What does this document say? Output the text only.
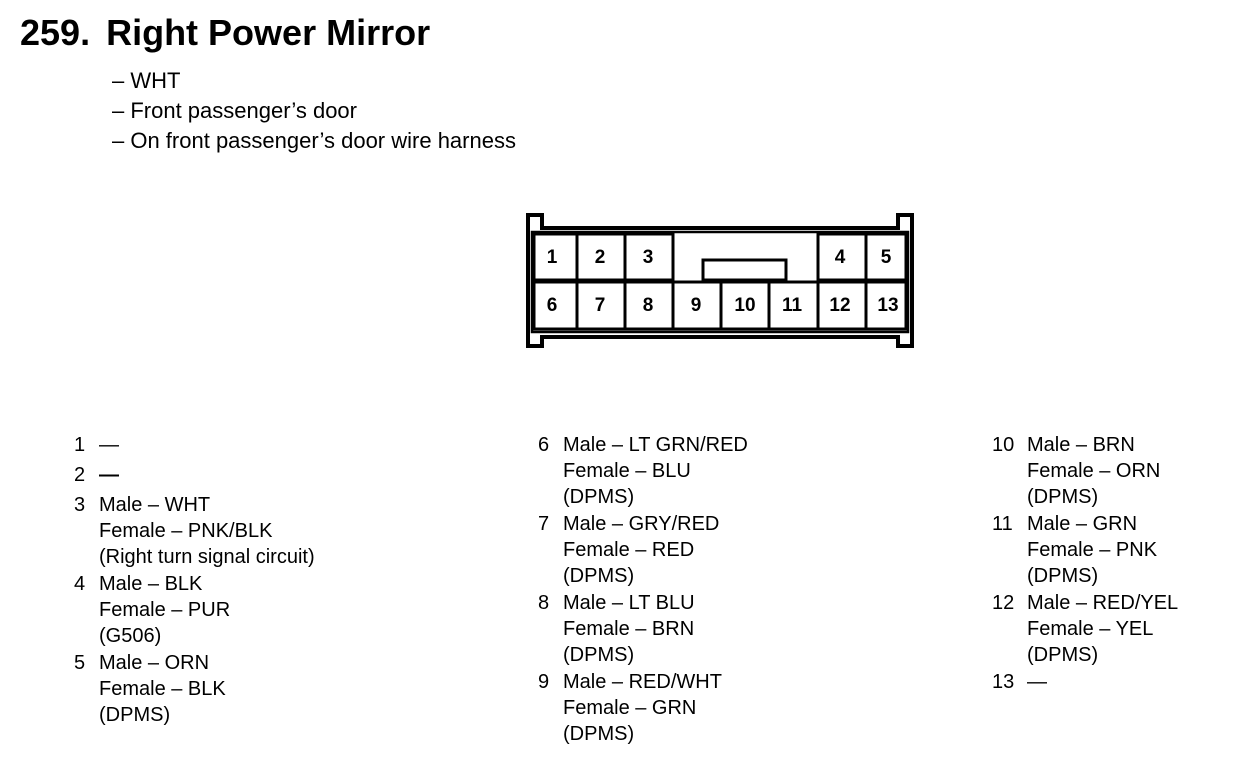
259. Right Power Mirror
– WHT
– Front passenger’s door
– On front passenger’s door wire harness
1 2 3	4 5
6 7 8 9 10 11 12 13
1 —
2 —
3 Male – WHT
Female – PNK/BLK
(Right turn signal circuit)
4 Male – BLK
Female – PUR
(G506)
5 Male – ORN
Female – BLK
(DPMS)
6 Male – LT GRN/RED
Female – BLU
(DPMS)
7 Male – GRY/RED
Female – RED
(DPMS)
8 Male – LT BLU
Female – BRN
(DPMS)
9 Male – RED/WHT
Female – GRN
(DPMS)
10 Male – BRN
Female – ORN
(DPMS)
11 Male – GRN
Female – PNK
(DPMS)
12 Male – RED/YEL
Female – YEL
(DPMS)
13 —
